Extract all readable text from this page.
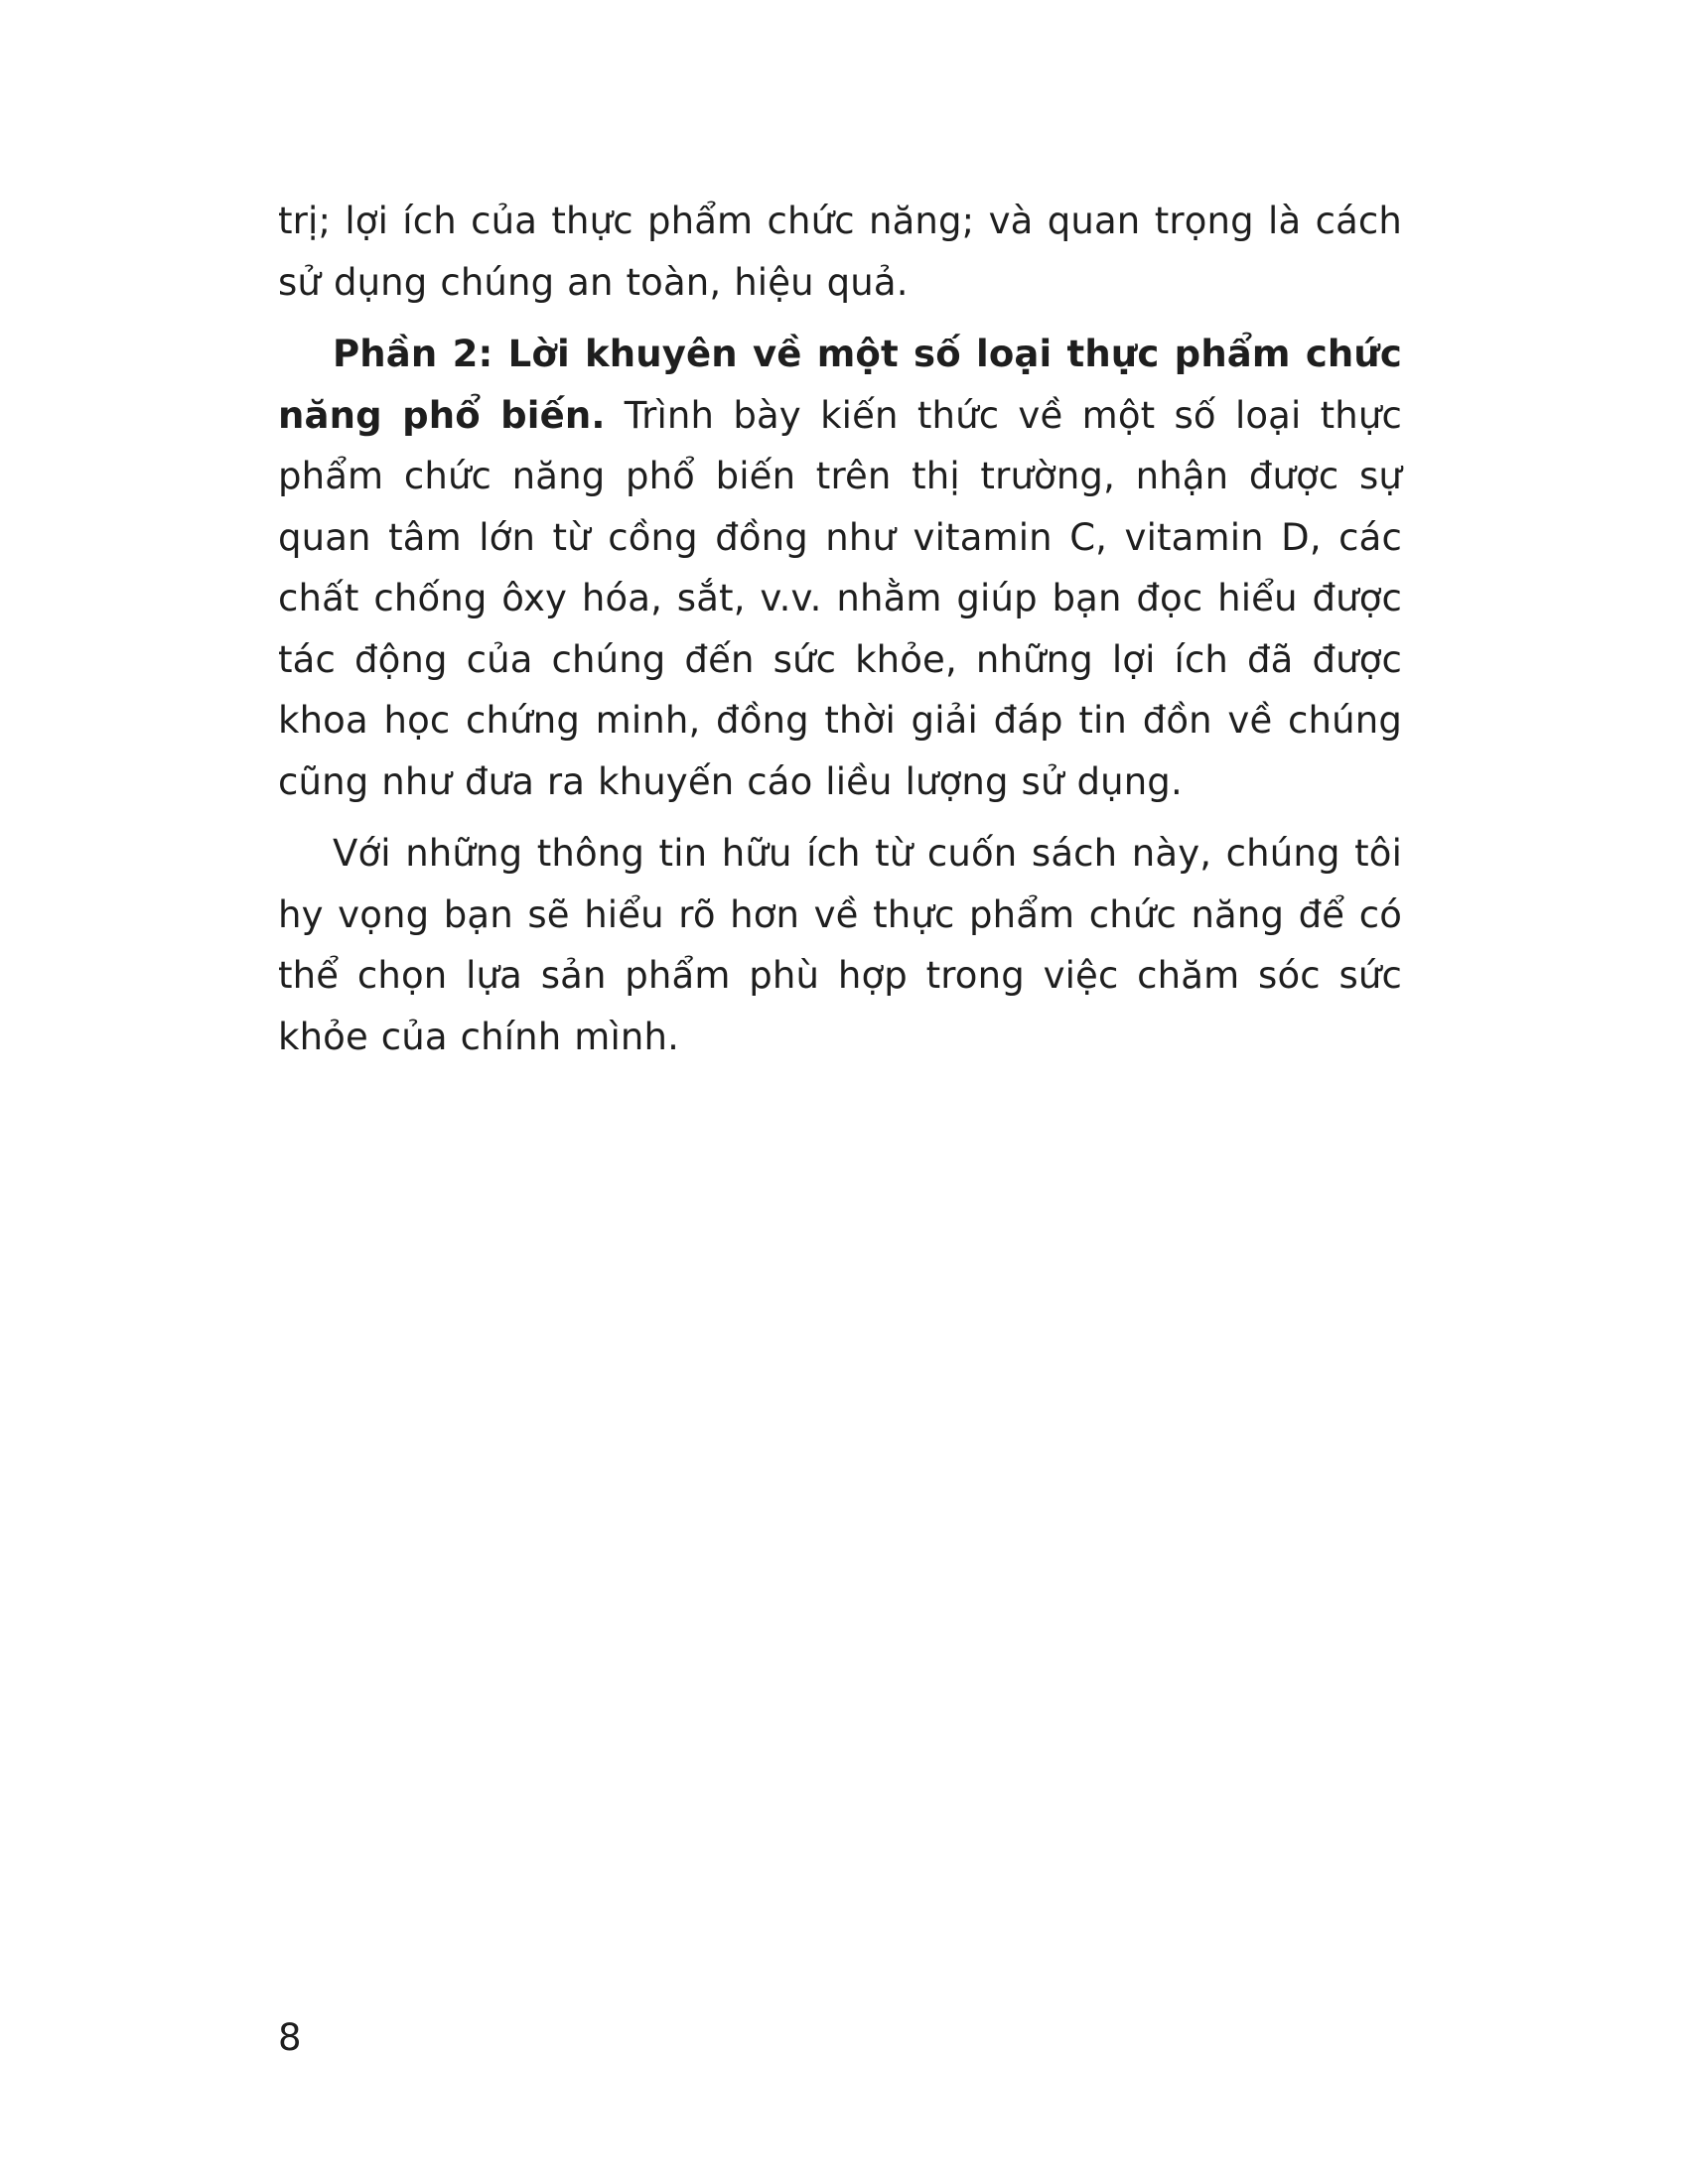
trị; lợi ích của thực phẩm chức năng; và quan trọng là cách sử dụng chúng an toàn, hiệu quả.

Phần 2: Lời khuyên về một số loại thực phẩm chức năng phổ biến. Trình bày kiến thức về một số loại thực phẩm chức năng phổ biến trên thị trường, nhận được sự quan tâm lớn từ cồng đồng như vitamin C, vitamin D, các chất chống ôxy hóa, sắt, v.v. nhằm giúp bạn đọc hiểu được tác động của chúng đến sức khỏe, những lợi ích đã được khoa học chứng minh, đồng thời giải đáp tin đồn về chúng cũng như đưa ra khuyến cáo liều lượng sử dụng.

Với những thông tin hữu ích từ cuốn sách này, chúng tôi hy vọng bạn sẽ hiểu rõ hơn về thực phẩm chức năng để có thể chọn lựa sản phẩm phù hợp trong việc chăm sóc sức khỏe của chính mình.

8
